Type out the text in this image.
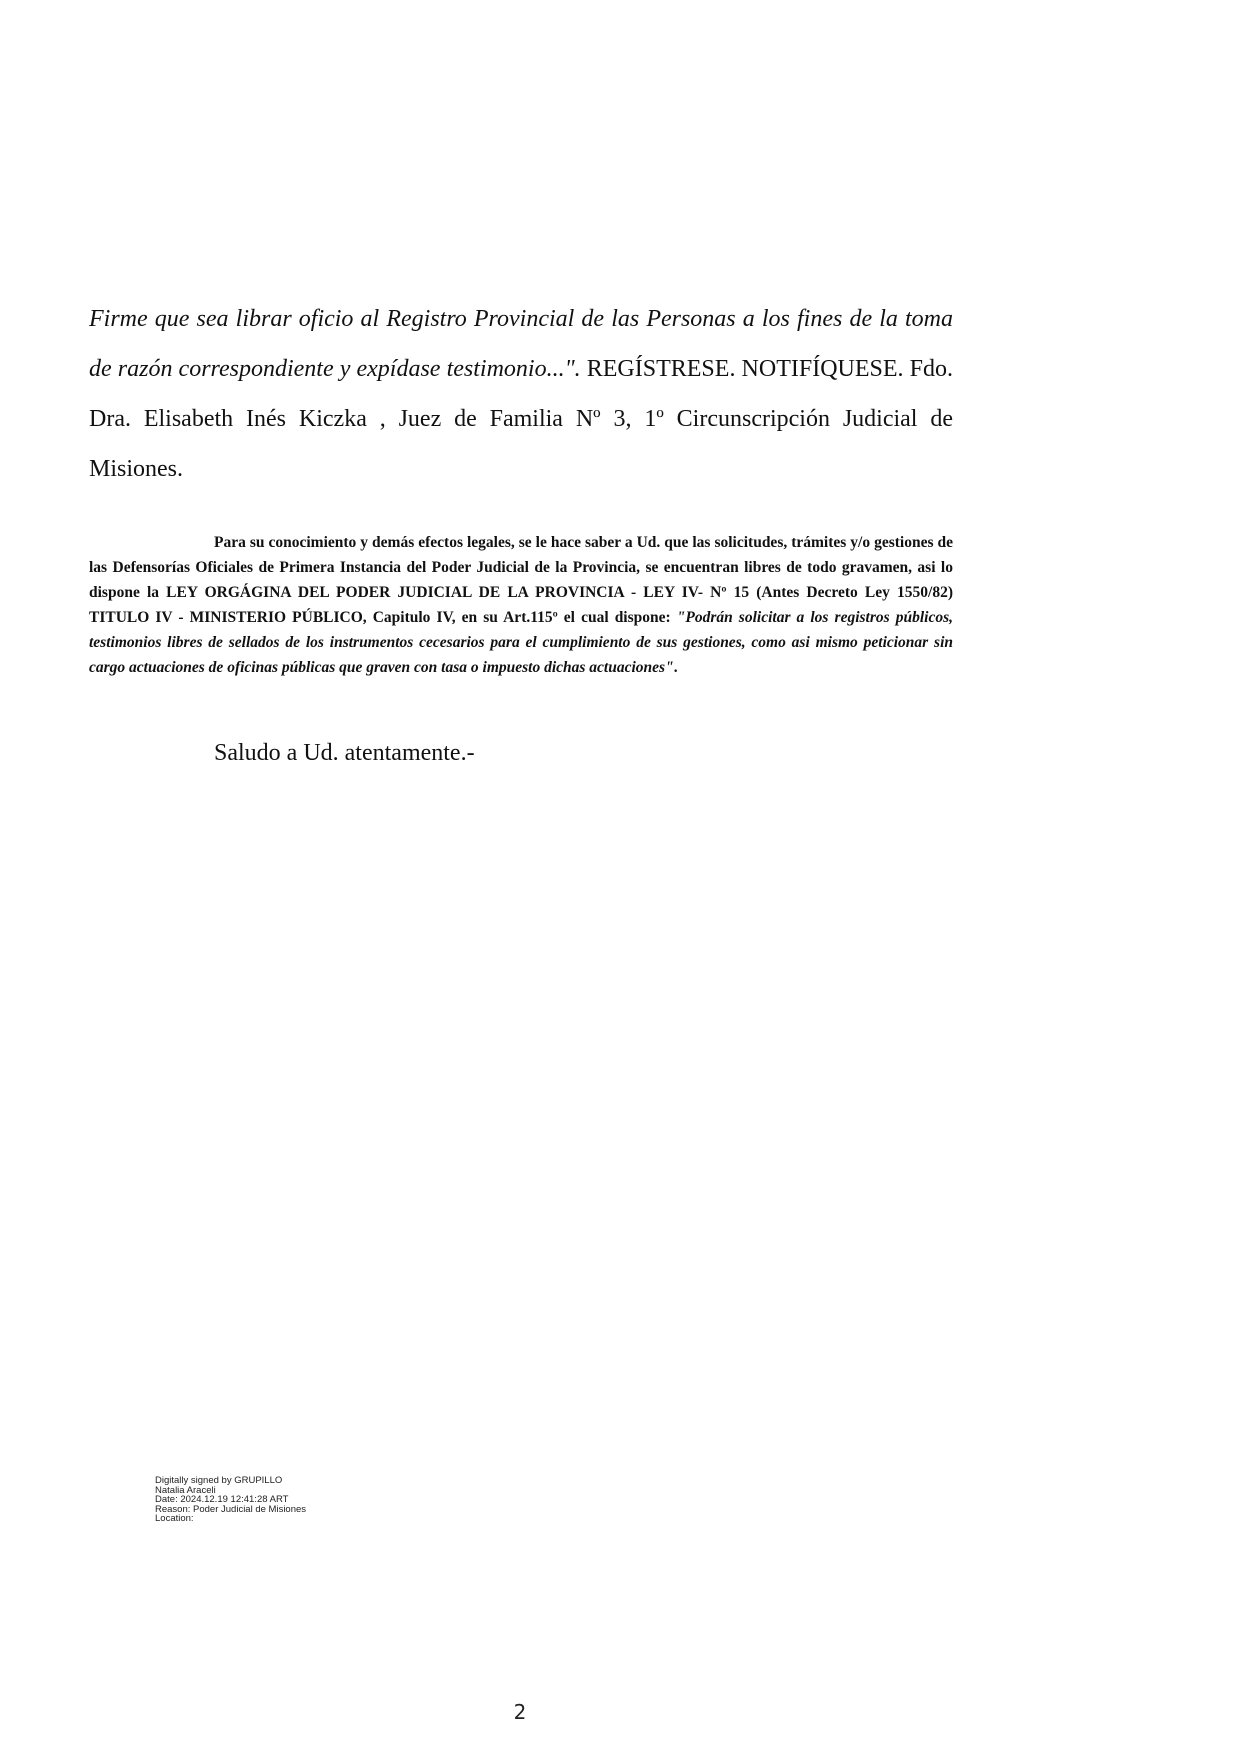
Firme que sea librar oficio al Registro Provincial de las Personas a los fines de la toma de razón correspondiente y expídase testimonio...". REGÍSTRESE. NOTIFÍQUESE. Fdo. Dra. Elisabeth Inés Kiczka , Juez de Familia Nº 3, 1º Circunscripción Judicial de Misiones.

Para su conocimiento y demás efectos legales, se le hace saber a Ud. que las solicitudes, trámites y/o gestiones de las Defensorías Oficiales de Primera Instancia del Poder Judicial de la Provincia, se encuentran libres de todo gravamen, asi lo dispone la LEY ORGÁGINA DEL PODER JUDICIAL DE LA PROVINCIA - LEY IV- Nº 15 (Antes Decreto Ley 1550/82) TITULO IV - MINISTERIO PÚBLICO, Capitulo IV, en su Art.115º el cual dispone: "Podrán solicitar a los registros públicos, testimonios libres de sellados de los instrumentos cecesarios para el cumplimiento de sus gestiones, como asi mismo peticionar sin cargo actuaciones de oficinas públicas que graven con tasa o impuesto dichas actuaciones".

Saludo a Ud. atentamente.-

Digitally signed by GRUPILLO
Natalia Araceli
Date: 2024.12.19 12:41:28 ART
Reason: Poder Judicial de Misiones
Location:
2
